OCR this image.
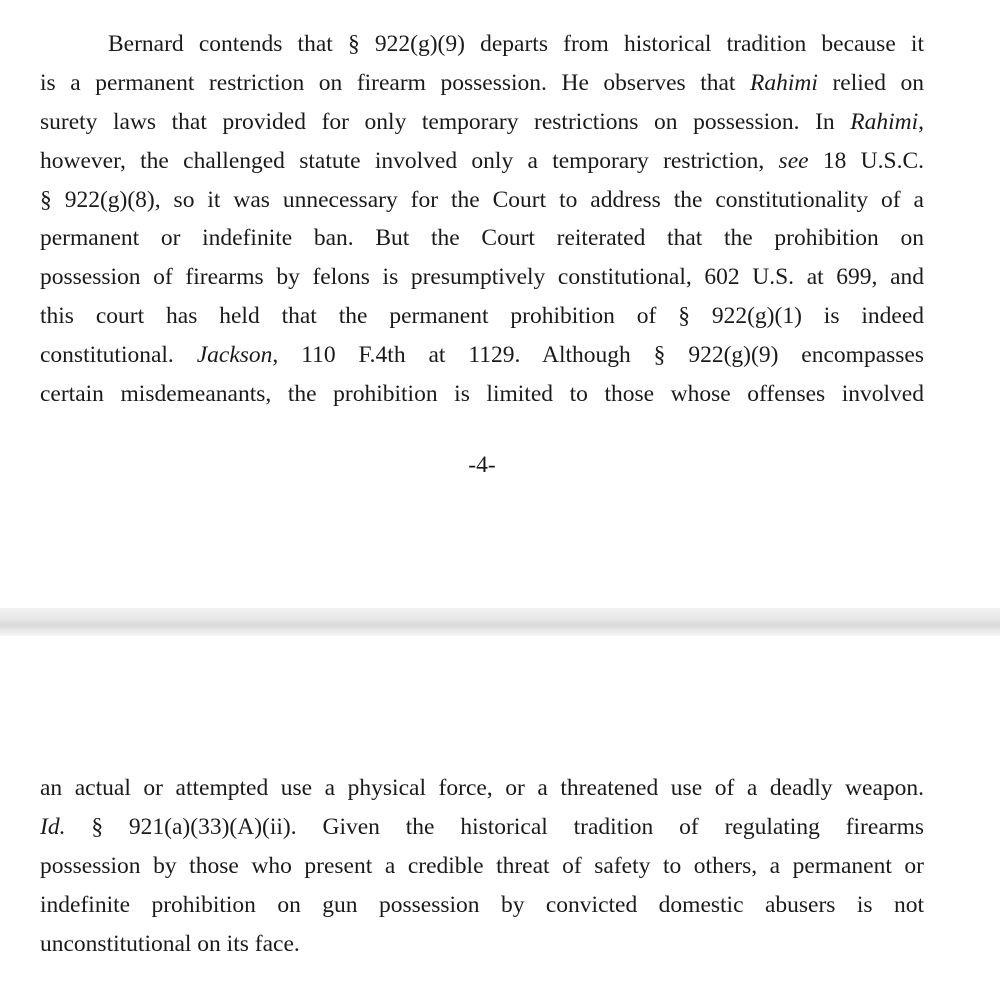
Bernard contends that § 922(g)(9) departs from historical tradition because it
is a permanent restriction on firearm possession. He observes that Rahimi relied on
surety laws that provided for only temporary restrictions on possession. In Rahimi,
however, the challenged statute involved only a temporary restriction, see 18 U.S.C.
§ 922(g)(8), so it was unnecessary for the Court to address the constitutionality of a
permanent or indefinite ban. But the Court reiterated that the prohibition on
possession of firearms by felons is presumptively constitutional, 602 U.S. at 699, and
this court has held that the permanent prohibition of § 922(g)(1) is indeed
constitutional. Jackson, 110 F.4th at 1129. Although § 922(g)(9) encompasses
certain misdemeanants, the prohibition is limited to those whose offenses involved
-4-
an actual or attempted use a physical force, or a threatened use of a deadly weapon.
Id. § 921(a)(33)(A)(ii). Given the historical tradition of regulating firearms
possession by those who present a credible threat of safety to others, a permanent or
indefinite prohibition on gun possession by convicted domestic abusers is not
unconstitutional on its face.
